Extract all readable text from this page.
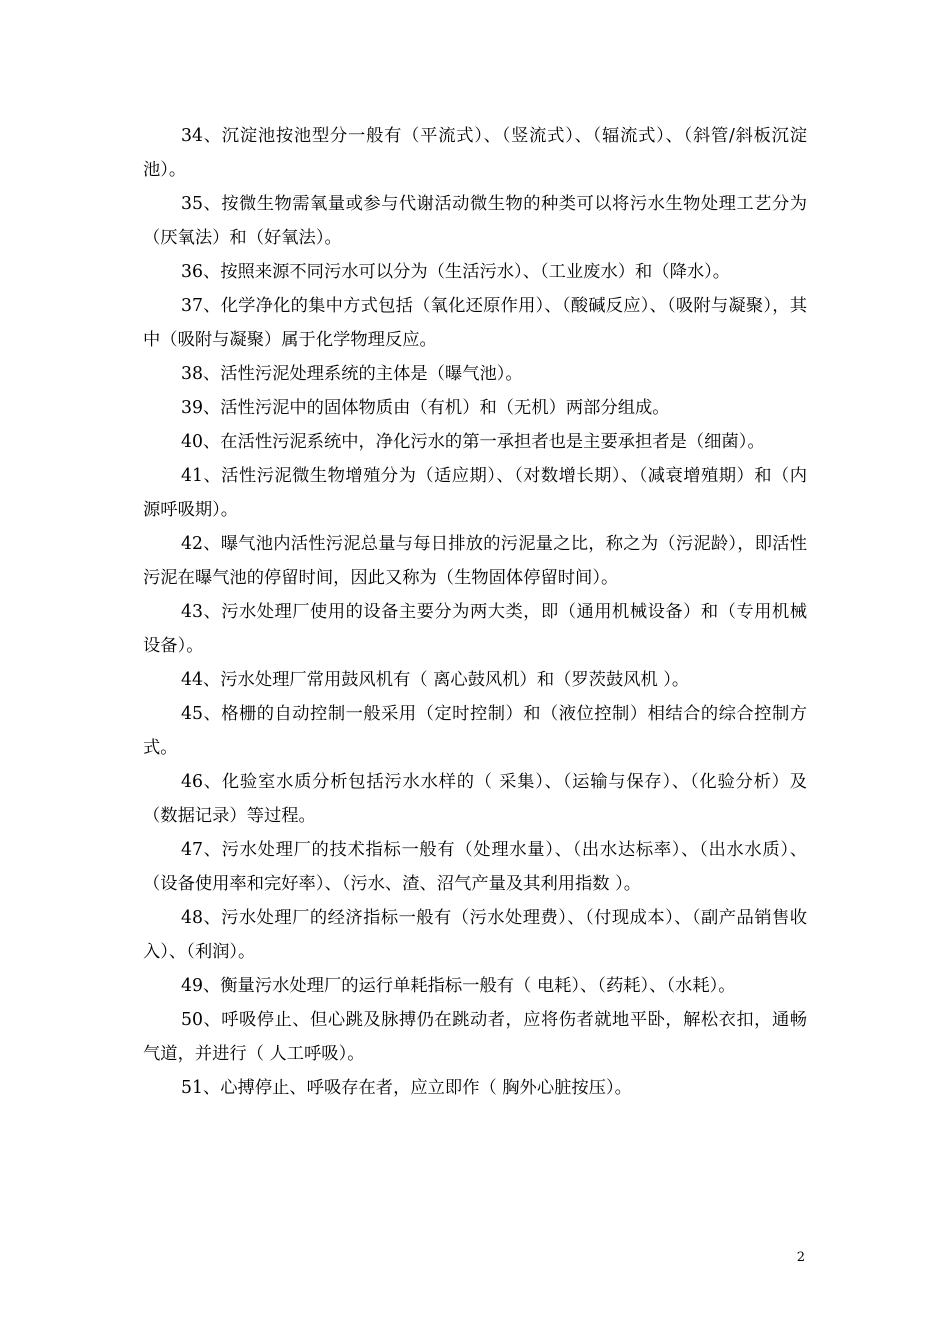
34、沉淀池按池型分一般有（平流式）、（竖流式）、（辐流式）、（斜管/斜板沉淀池）。

35、按微生物需氧量或参与代谢活动微生物的种类可以将污水生物处理工艺分为（厌氧法）和（好氧法）。

36、按照来源不同污水可以分为（生活污水）、（工业废水）和（降水）。

37、化学净化的集中方式包括（氧化还原作用）、（酸碱反应）、（吸附与凝聚），其中（吸附与凝聚）属于化学物理反应。

38、活性污泥处理系统的主体是（曝气池）。

39、活性污泥中的固体物质由（有机）和（无机）两部分组成。

40、在活性污泥系统中，净化污水的第一承担者也是主要承担者是（细菌）。

41、活性污泥微生物增殖分为（适应期）、（对数增长期）、（减衰增殖期）和（内源呼吸期）。

42、曝气池内活性污泥总量与每日排放的污泥量之比，称之为（污泥龄），即活性污泥在曝气池的停留时间，因此又称为（生物固体停留时间）。

43、污水处理厂使用的设备主要分为两大类，即（通用机械设备）和（专用机械设备）。

44、污水处理厂常用鼓风机有（ 离心鼓风机）和（罗茨鼓风机 ）。

45、格栅的自动控制一般采用（定时控制）和（液位控制）相结合的综合控制方式。

46、化验室水质分析包括污水水样的（ 采集）、（运输与保存）、（化验分析）及（数据记录）等过程。

47、污水处理厂的技术指标一般有（处理水量）、（出水达标率）、（出水水质）、（设备使用率和完好率）、（污水、渣、沼气产量及其利用指数 ）。

48、污水处理厂的经济指标一般有（污水处理费）、（付现成本）、（副产品销售收入）、（利润）。

49、衡量污水处理厂的运行单耗指标一般有（ 电耗）、（药耗）、（水耗）。

50、呼吸停止、但心跳及脉搏仍在跳动者，应将伤者就地平卧，解松衣扣，通畅气道，并进行（ 人工呼吸）。

51、心搏停止、呼吸存在者，应立即作（ 胸外心脏按压）。

2
